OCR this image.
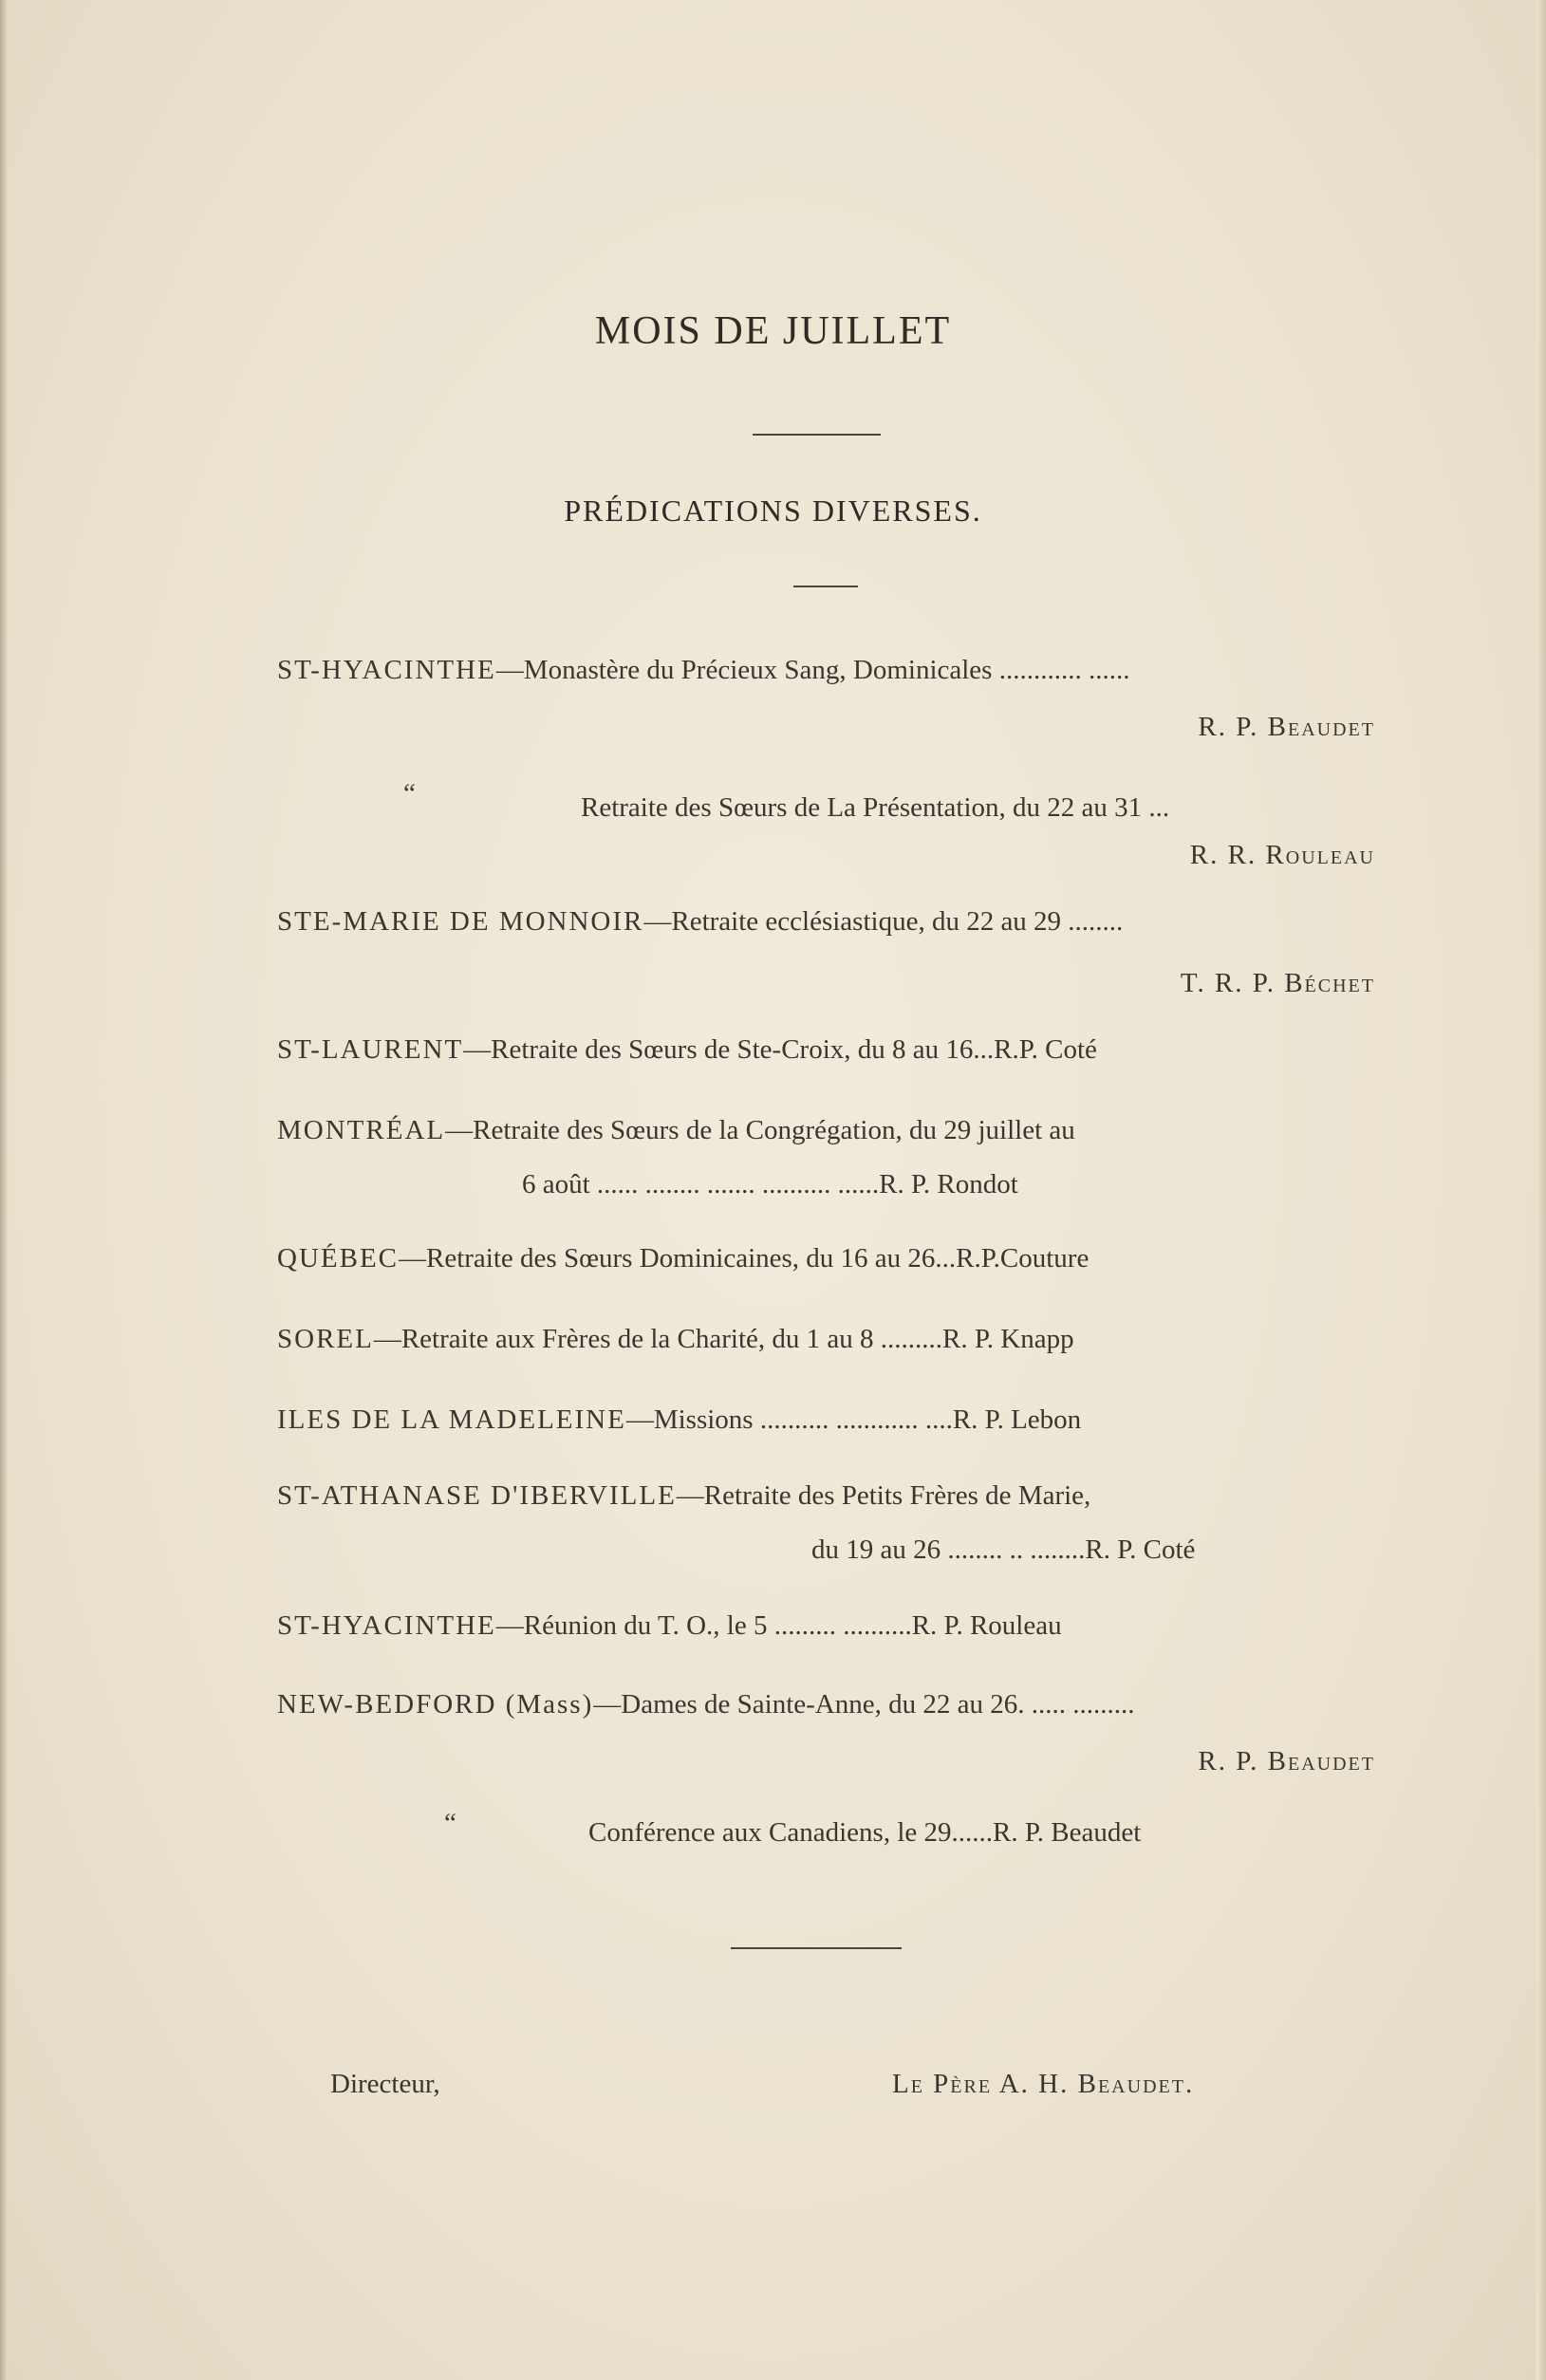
MOIS DE JUILLET
PRÉDICATIONS DIVERSES.
ST-HYACINTHE—Monastère du Précieux Sang, Dominicales ............ ......
R. P. Beaudet
“	Retraite des Sœurs de La Présentation, du 22 au 31 ...
R. R. Rouleau
STE-MARIE DE MONNOIR—Retraite ecclésiastique, du 22 au 29 ........
T. R. P. Béchet
ST-LAURENT—Retraite des Sœurs de Ste-Croix, du 8 au 16...R.P. Coté
MONTRÉAL—Retraite des Sœurs de la Congrégation, du 29 juillet au
6 août ...... ........ ....... .......... ......R. P. Rondot
QUÉBEC—Retraite des Sœurs Dominicaines, du 16 au 26...R.P.Couture
SOREL—Retraite aux Frères de la Charité, du 1 au 8 .........R. P. Knapp
ILES DE LA MADELEINE—Missions .......... ............ ....R. P. Lebon
ST-ATHANASE D'IBERVILLE—Retraite des Petits Frères de Marie,
du 19 au 26 ........ .. ........R. P. Coté
ST-HYACINTHE—Réunion du T. O., le 5 ......... ..........R. P. Rouleau
NEW-BEDFORD (Mass)—Dames de Sainte-Anne, du 22 au 26. ..... .........
R. P. Beaudet
“	Conférence aux Canadiens, le 29......R. P. Beaudet
Directeur,	Le Père A. H. Beaudet.
